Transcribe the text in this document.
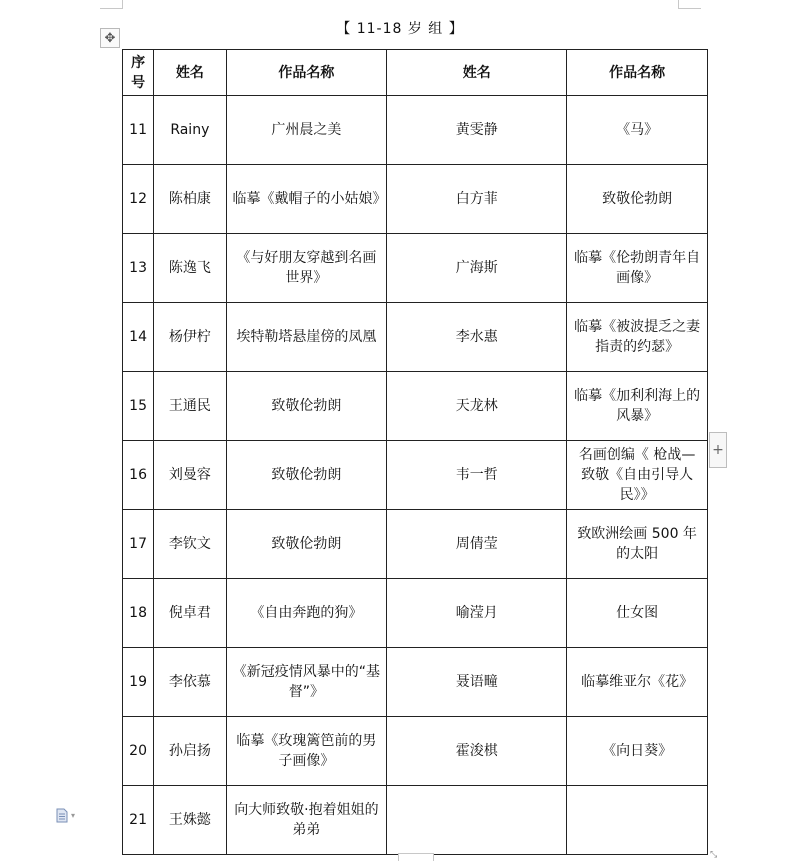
✥
【 11-18 岁 组 】
序号	姓名	作品名称	姓名	作品名称
11	Rainy	广州晨之美	黄雯静	《马》
12	陈柏康	临摹《戴帽子的小姑娘》	白方菲	致敬伦勃朗
13	陈逸飞	《与好朋友穿越到名画世界》	广海斯	临摹《伦勃朗青年自画像》
14	杨伊柠	埃特勒塔悬崖傍的凤凰	李水惠	临摹《被波提乏之妻指责的约瑟》
15	王通民	致敬伦勃朗	天龙林	临摹《加利利海上的风暴》
16	刘曼容	致敬伦勃朗	韦一哲	名画创编《 枪战—致敬《自由引导人民》》
17	李钦文	致敬伦勃朗	周倩莹	致欧洲绘画 500 年的太阳
18	倪卓君	《自由奔跑的狗》	喻滢月	仕女图
19	李依慕	《新冠疫情风暴中的“基督”》	聂语疃	临摹维亚尔《花》
20	孙启扬	临摹《玫瑰篱笆前的男子画像》	霍浚棋	《向日葵》
21	王姝懿	向大师致敬·抱着姐姐的弟弟		
+
▾
⤡
